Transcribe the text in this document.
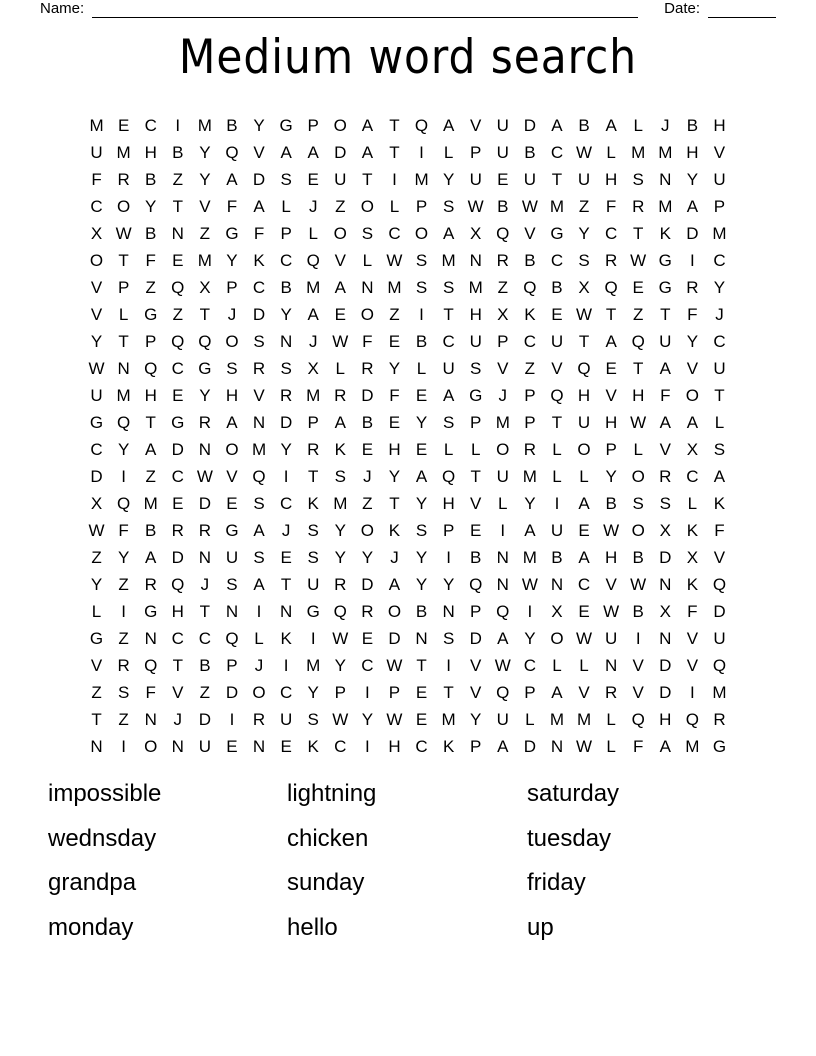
Name:	Date:
Medium word search
M E C	I	M B Y G P O A T Q A V U D A B A L	J	B H
U M H B Y Q V A A D A T	I	L P U B C W L M M H V
F R B Z Y A D S E U T	I	M Y U E U T U H S N Y U
C O Y T V F A L	J	Z O L P S W B W M Z F R M A P
X W B N Z G F P L O S C O A X Q V G Y C T K D M
O T F E M Y K C Q V L W S M N R B C S R W G	I	C
V P Z Q X P C B M A N M S S M Z Q B X Q E G R Y
V L G Z T	J D Y A E O Z	I	T H X K E W T Z T F	J
Y T P Q Q O S N J W F E B C U P C U T A Q U Y C
W N Q C G S R S X L R Y L U S V Z V Q E T A V U
U M H E Y H V R M R D F E A G J	P Q H V H F O T
G Q T G R A N D P A B E Y S P M P T U H W A A L
C Y A D N O M Y R K E H E L	L O R L O P L V X S
D	I	Z C W V Q	I	T S	J	Y A Q T U M L	L Y O R C A
X Q M E D E S C K M Z T Y H V L Y	I	A B S S L K
W F B R R G A	J	S Y O K S P E	I	A U E W O X K F
Z Y A D N U S E S Y Y	J	Y	I	B N M B A H B D X V
Y Z R Q J	S A T U R D A Y Y Q N W N C V W N K Q
L	I	G H T N	I	N G Q R O B N P Q	I	X E W B X F D
G Z N C C Q L K	I W E D N S D A Y O W U	I	N V U
V R Q T B P	J	I	M Y C W T	I	V W C L	L N V D V Q
Z S F V Z D O C Y P	I	P E T V Q P A V R V D	I	M
T Z N J D	I	R U S W Y W E M Y U L M M L Q H Q R
N	I	O N U E N E K C	I	H C K P A D N W L	F A M G
impossible
wednsday
grandpa
monday
lightning
chicken
sunday
hello
saturday
tuesday
friday
up
